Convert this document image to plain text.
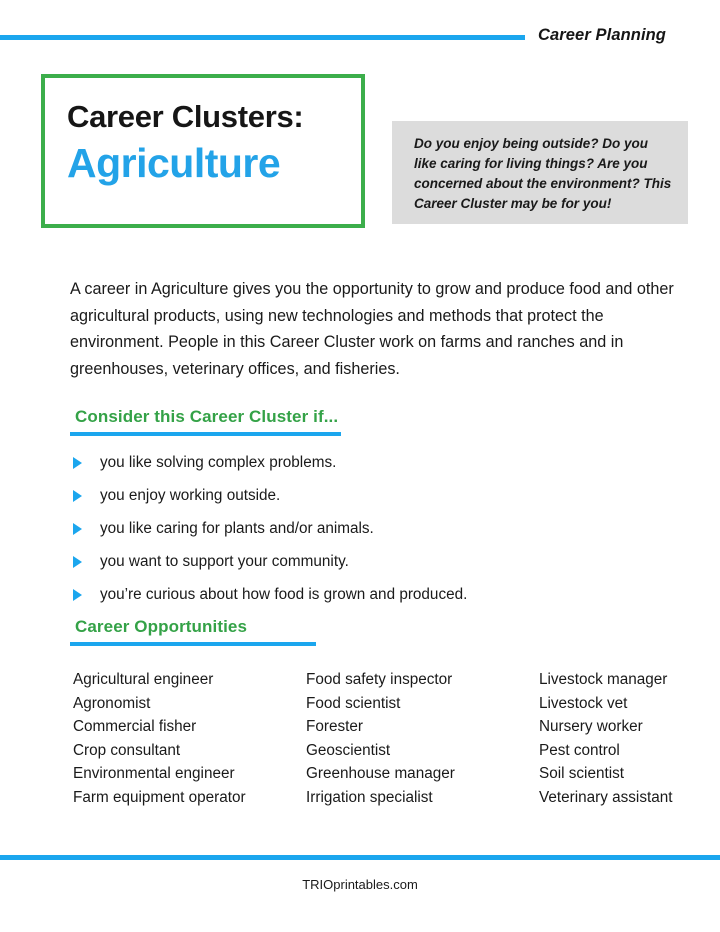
Career Planning
Career Clusters:
Agriculture	Do you enjoy being outside? Do you like caring for living things? Are you concerned about the environment? This Career Cluster may be for you!
A career in Agriculture gives you the opportunity to grow and produce food and other agricultural products, using new technologies and methods that protect the environment. People in this Career Cluster work on farms and ranches and in greenhouses, veterinary offices, and fisheries.
Consider this Career Cluster if...
you like solving complex problems.
you enjoy working outside.
you like caring for plants and/or animals.
you want to support your community.
you’re curious about how food is grown and produced.
Career Opportunities
Agricultural engineer
Agronomist
Commercial fisher
Crop consultant
Environmental engineer
Farm equipment operator
Food safety inspector
Food scientist
Forester
Geoscientist
Greenhouse manager
Irrigation specialist
Livestock manager
Livestock vet
Nursery worker
Pest control
Soil scientist
Veterinary assistant
TRIOprintables.com
